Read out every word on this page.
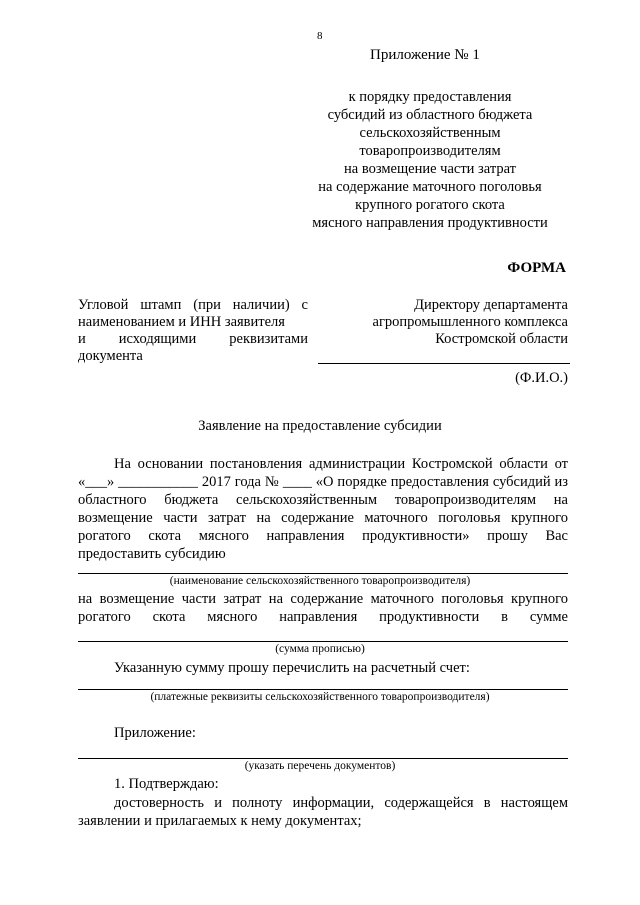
8
Приложение № 1
к порядку предоставления
субсидий из областного бюджета
сельскохозяйственным
товаропроизводителям
на возмещение части затрат
на содержание маточного поголовья
крупного рогатого скота
мясного направления продуктивности
ФОРМА
Угловой штамп (при наличии) с
наименованием и ИНН заявителя
и исходящими реквизитами
документа
Директору департамента
агропромышленного комплекса
Костромской области
(Ф.И.О.)
Заявление на предоставление субсидии

На основании постановления администрации Костромской области от «___» ___________ 2017 года № ____ «О порядке предоставления субсидий из областного бюджета сельскохозяйственным товаропроизводителям на возмещение части затрат на содержание маточного поголовья крупного рогатого скота мясного направления продуктивности» прошу Вас предоставить субсидию

(наименование сельскохозяйственного товаропроизводителя)
на возмещение части затрат на содержание маточного поголовья крупного
рогатого скота мясного направления продуктивности в сумме
(сумма прописью)
Указанную сумму прошу перечислить на расчетный счет:
(платежные реквизиты сельскохозяйственного товаропроизводителя)
Приложение:
(указать перечень документов)
1. Подтверждаю:
достоверность и полноту информации, содержащейся в настоящем
заявлении и прилагаемых к нему документах;
